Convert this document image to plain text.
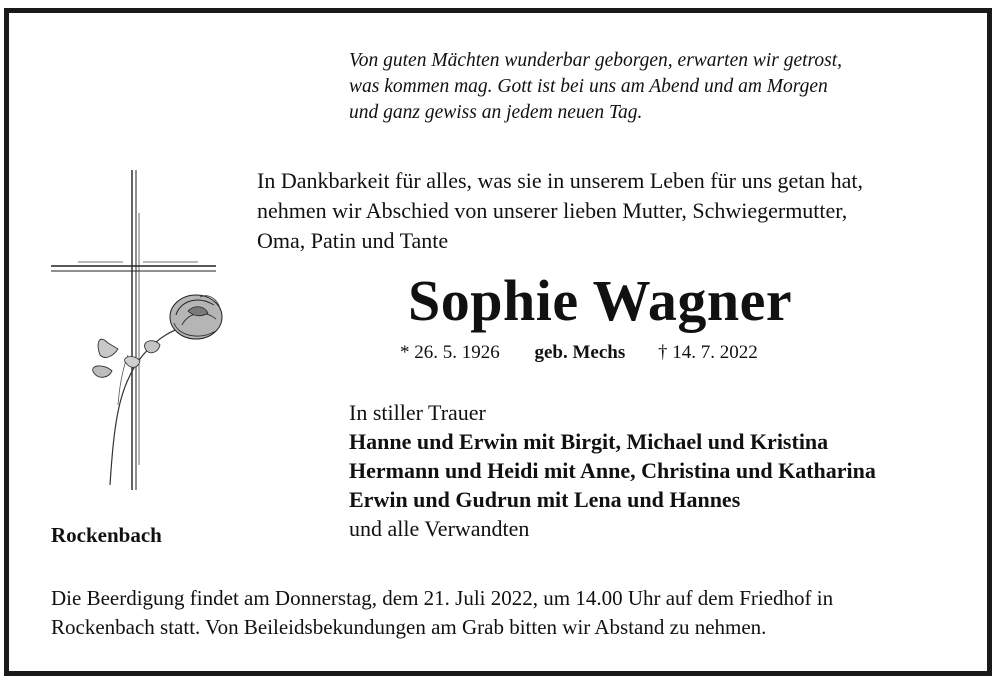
Von guten Mächten wunderbar geborgen, erwarten wir getrost,
was kommen mag. Gott ist bei uns am Abend und am Morgen
und ganz gewiss an jedem neuen Tag.
In Dankbarkeit für alles, was sie in unserem Leben für uns getan hat,
nehmen wir Abschied von unserer lieben Mutter, Schwiegermutter,
Oma, Patin und Tante
Sophie Wagner
* 26. 5. 1926 geb. Mechs † 14. 7. 2022
In stiller Trauer
Hanne und Erwin mit Birgit, Michael und Kristina
Hermann und Heidi mit Anne, Christina und Katharina
Erwin und Gudrun mit Lena und Hannes
und alle Verwandten
Rockenbach
Die Beerdigung findet am Donnerstag, dem 21. Juli 2022, um 14.00 Uhr auf dem Friedhof in
Rockenbach statt. Von Beileidsbekundungen am Grab bitten wir Abstand zu nehmen.
